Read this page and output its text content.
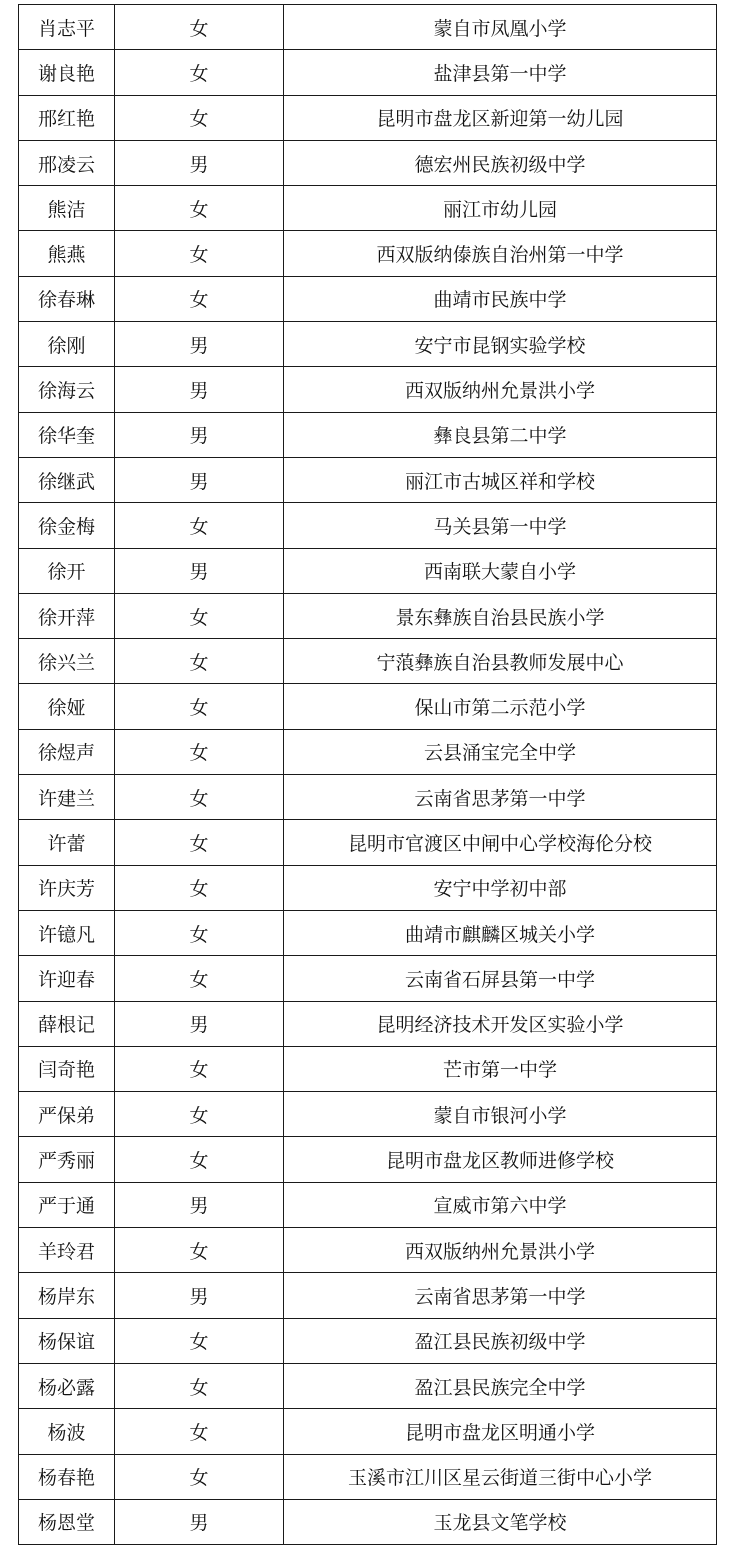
肖志平	女	蒙自市凤凰小学
谢良艳	女	盐津县第一中学
邢红艳	女	昆明市盘龙区新迎第一幼儿园
邢凌云	男	德宏州民族初级中学
熊洁	女	丽江市幼儿园
熊燕	女	西双版纳傣族自治州第一中学
徐春琳	女	曲靖市民族中学
徐刚	男	安宁市昆钢实验学校
徐海云	男	西双版纳州允景洪小学
徐华奎	男	彝良县第二中学
徐继武	男	丽江市古城区祥和学校
徐金梅	女	马关县第一中学
徐开	男	西南联大蒙自小学
徐开萍	女	景东彝族自治县民族小学
徐兴兰	女	宁蒗彝族自治县教师发展中心
徐娅	女	保山市第二示范小学
徐煜声	女	云县涌宝完全中学
许建兰	女	云南省思茅第一中学
许蕾	女	昆明市官渡区中闸中心学校海伦分校
许庆芳	女	安宁中学初中部
许镱凡	女	曲靖市麒麟区城关小学
许迎春	女	云南省石屏县第一中学
薛根记	男	昆明经济技术开发区实验小学
闫奇艳	女	芒市第一中学
严保弟	女	蒙自市银河小学
严秀丽	女	昆明市盘龙区教师进修学校
严于通	男	宣威市第六中学
羊玲君	女	西双版纳州允景洪小学
杨岸东	男	云南省思茅第一中学
杨保谊	女	盈江县民族初级中学
杨必露	女	盈江县民族完全中学
杨波	女	昆明市盘龙区明通小学
杨春艳	女	玉溪市江川区星云街道三街中心小学
杨恩堂	男	玉龙县文笔学校
